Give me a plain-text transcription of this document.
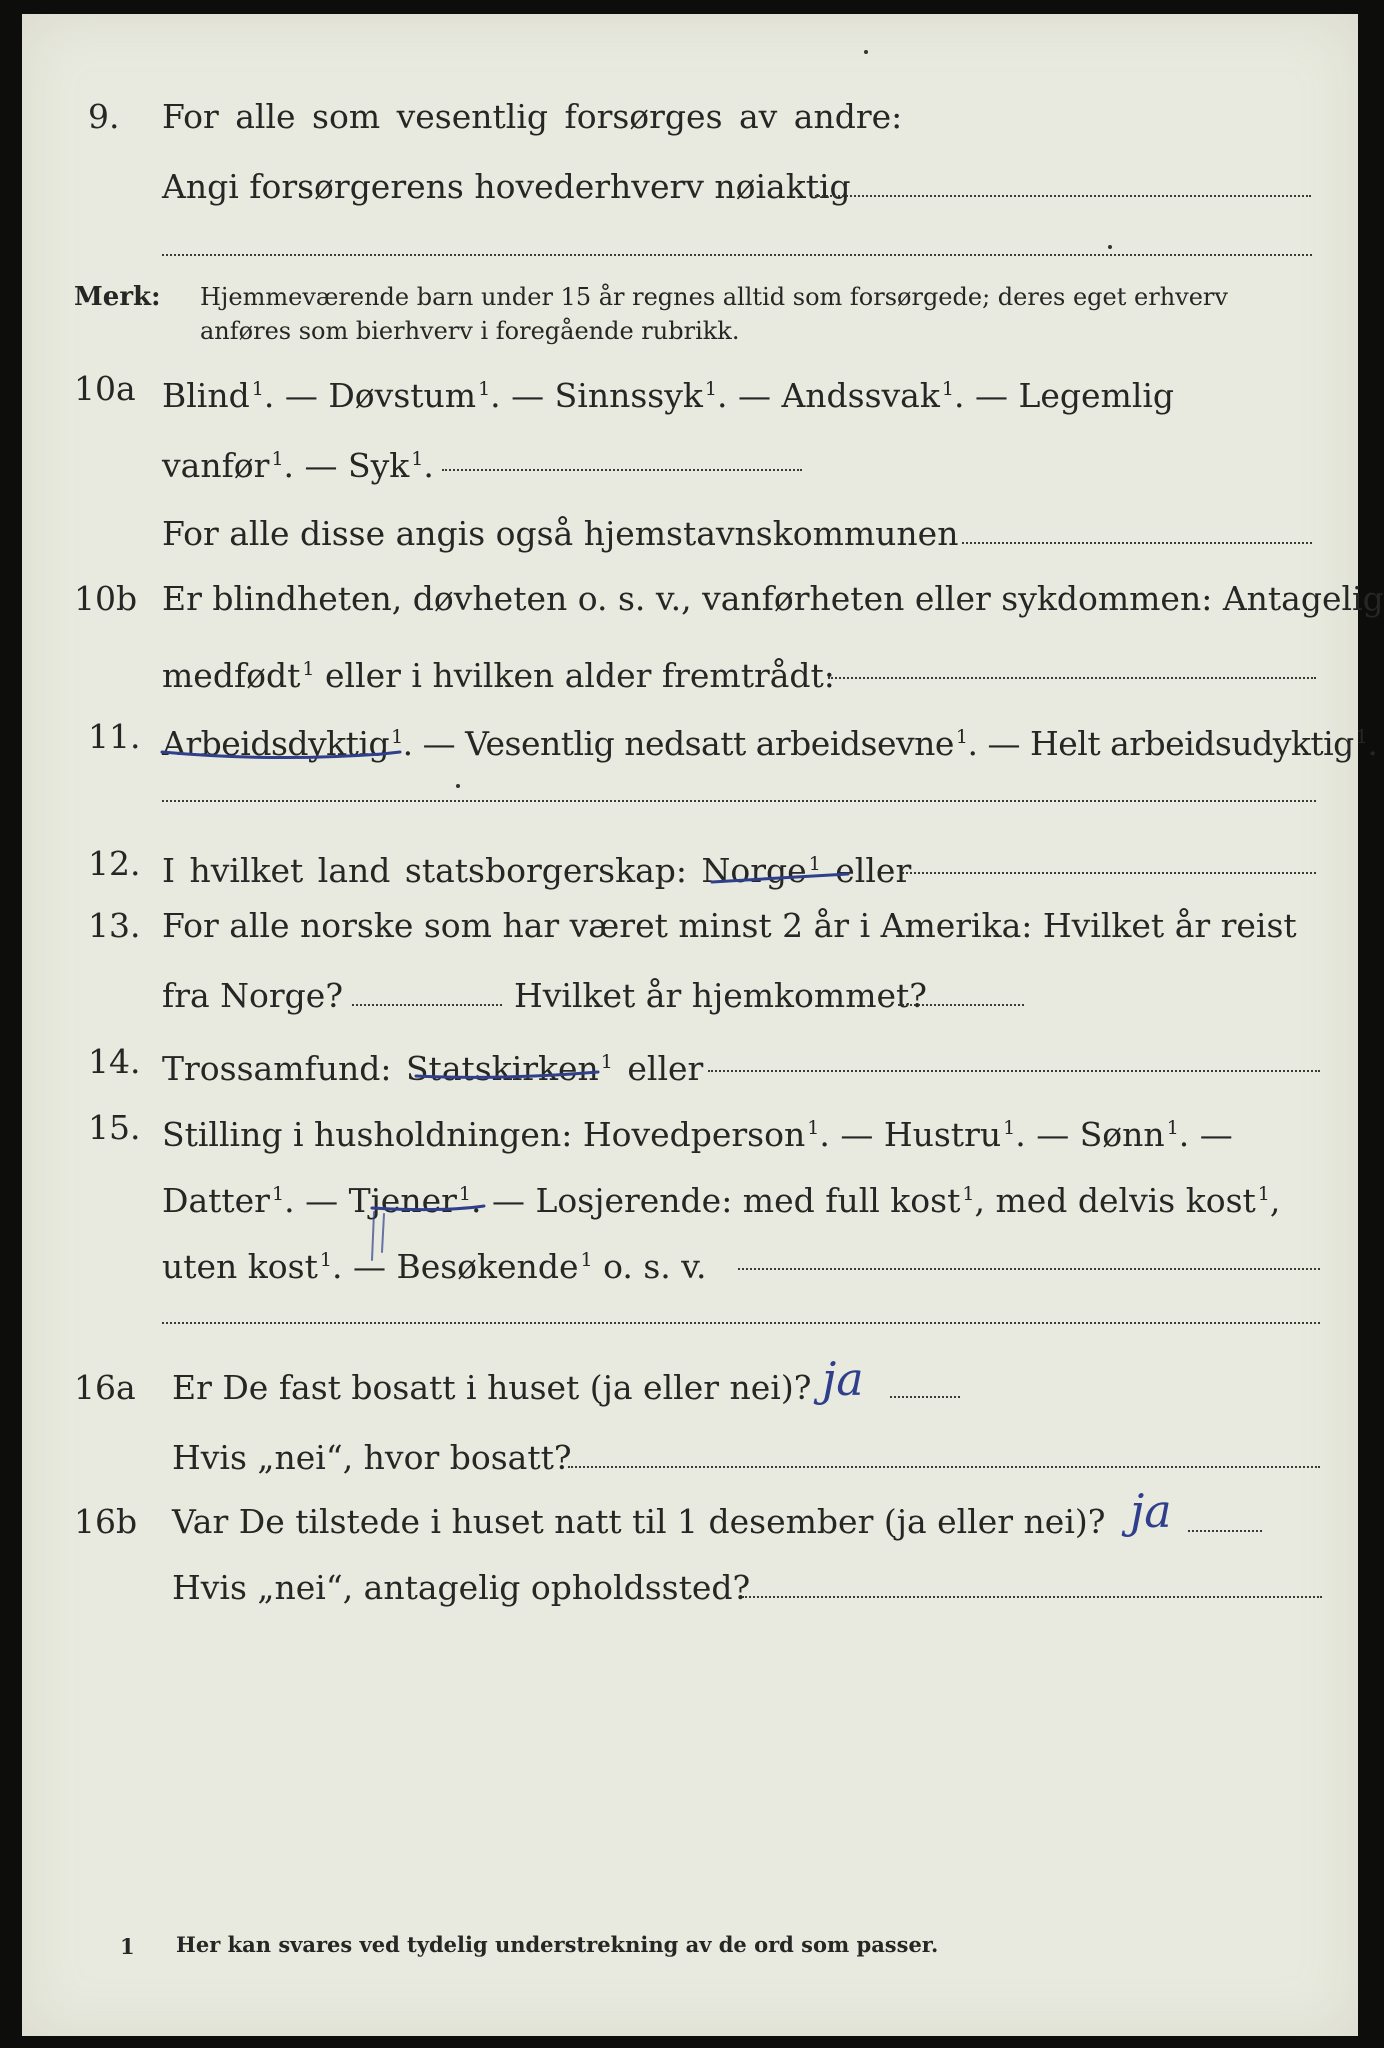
9. For alle som vesentlig forsørges av andre:
Angi forsørgerens hovederhverv nøiaktig
Merk: Hjemmeværende barn under 15 år regnes alltid som forsørgede; deres eget erhverv
anføres som bierhverv i foregående rubrikk.
10a Blind $^1$. — Døvstum $^1$. — Sinnssyk $^1$. — Andssvak $^1$. — Legemlig
vanfør $^1$. — Syk $^1$.
For alle disse angis også hjemstavnskommunen
10b Er blindheten, døvheten o. s. v., vanførheten eller sykdommen: Antagelig
medfødt $^1$ eller i hvilken alder fremtrådt:
11. Arbeidsdyktig $^1$. — Vesentlig nedsatt arbeidsevne $^1$. — Helt arbeidsudyktig $^1$.
12. I hvilket land statsborgerskap: Norge $^1$ eller
13. For alle norske som har været minst 2 år i Amerika: Hvilket år reist
fra Norge?	Hvilket år hjemkommet?
14. Trossamfund: Statskirken $^1$ eller
15. Stilling i husholdningen: Hovedperson $^1$. — Hustru $^1$. — Sønn $^1$. —
Datter $^1$. — Tjener $^1$. — Losjerende: med full kost $^1$, med delvis kost $^1$,
uten kost $^1$. — Besøkende $^1$ o. s. v.
16a Er De fast bosatt i huset (ja eller nei)? ja
Hvis „nei“, hvor bosatt?
16b Var De tilstede i huset natt til 1 desember (ja eller nei)? ja
Hvis „nei“, antagelig opholdssted?
1 Her kan svares ved tydelig understrekning av de ord som passer.
